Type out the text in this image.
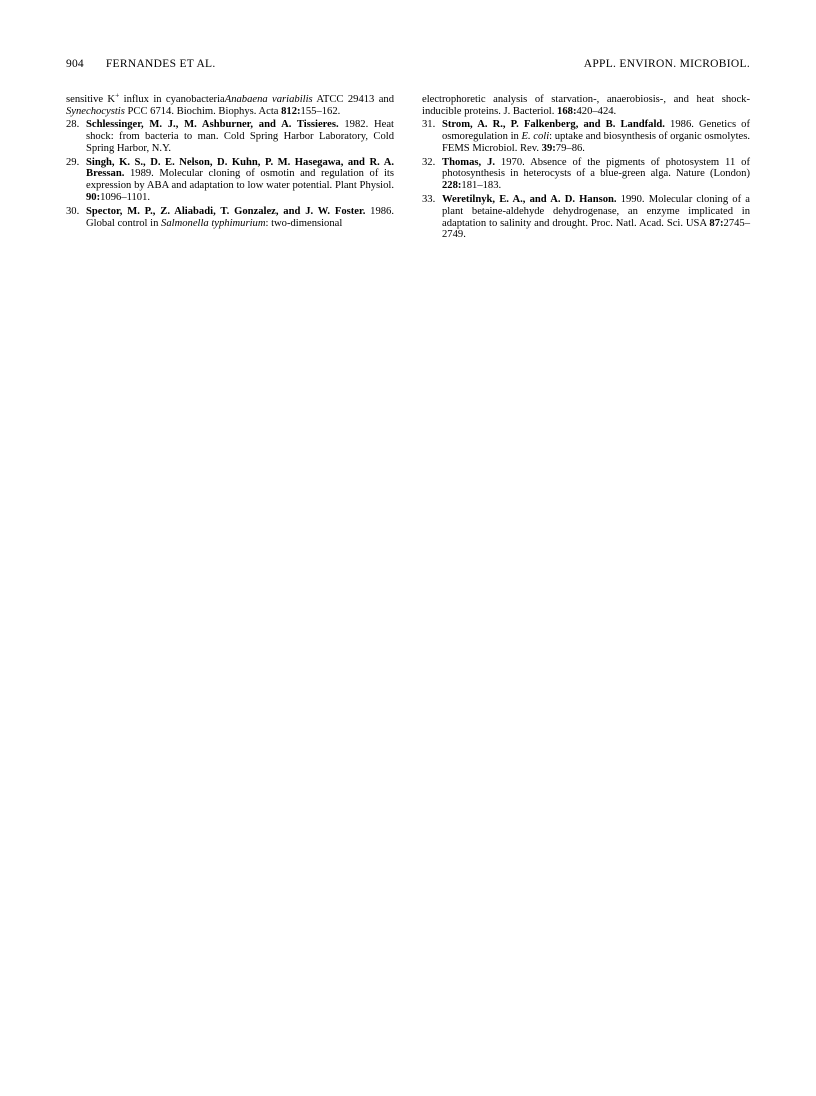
904 FERNANDES ET AL.	APPL. ENVIRON. MICROBIOL.

sensitive K+ influx in cyanobacteriaAnabaena variabilis ATCC 29413 and Synechocystis PCC 6714. Biochim. Biophys. Acta 812:155–162.

28. Schlessinger, M. J., M. Ashburner, and A. Tissieres. 1982. Heat shock: from bacteria to man. Cold Spring Harbor Laboratory, Cold Spring Harbor, N.Y.
29. Singh, K. S., D. E. Nelson, D. Kuhn, P. M. Hasegawa, and R. A. Bressan. 1989. Molecular cloning of osmotin and regulation of its expression by ABA and adaptation to low water potential. Plant Physiol. 90:1096–1101.
30. Spector, M. P., Z. Aliabadi, T. Gonzalez, and J. W. Foster. 1986. Global control in Salmonella typhimurium: two-dimensional

electrophoretic analysis of starvation-, anaerobiosis-, and heat shock-inducible proteins. J. Bacteriol. 168:420–424.

31. Strom, A. R., P. Falkenberg, and B. Landfald. 1986. Genetics of osmoregulation in E. coli: uptake and biosynthesis of organic osmolytes. FEMS Microbiol. Rev. 39:79–86.
32. Thomas, J. 1970. Absence of the pigments of photosystem 11 of photosynthesis in heterocysts of a blue-green alga. Nature (London) 228:181–183.
33. Weretilnyk, E. A., and A. D. Hanson. 1990. Molecular cloning of a plant betaine-aldehyde dehydrogenase, an enzyme implicated in adaptation to salinity and drought. Proc. Natl. Acad. Sci. USA 87:2745–2749.
